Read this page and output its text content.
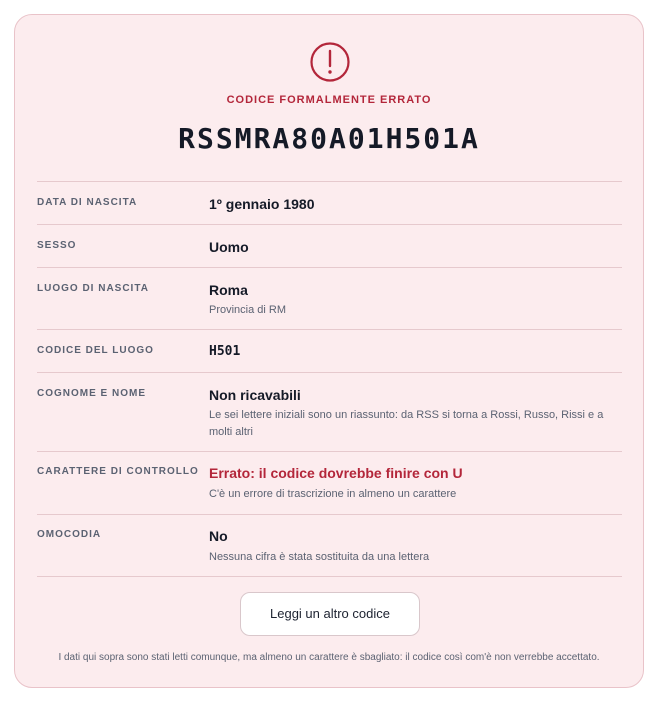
CODICE FORMALMENTE ERRATO
RSSMRA80A01H501A
DATA DI NASCITA	1º gennaio 1980
SESSO	Uomo
LUOGO DI NASCITA	Roma
Provincia di RM
CODICE DEL LUOGO	H501
COGNOME E NOME	Non ricavabili
Le sei lettere iniziali sono un riassunto: da RSS si torna a Rossi, Russo, Rissi e a molti altri
CARATTERE DI CONTROLLO Errato: il codice dovrebbe finire con U
C'è un errore di trascrizione in almeno un carattere
OMOCODIA	No
Nessuna cifra è stata sostituita da una lettera
Leggi un altro codice
I dati qui sopra sono stati letti comunque, ma almeno un carattere è sbagliato: il codice così com'è non verrebbe accettato.
